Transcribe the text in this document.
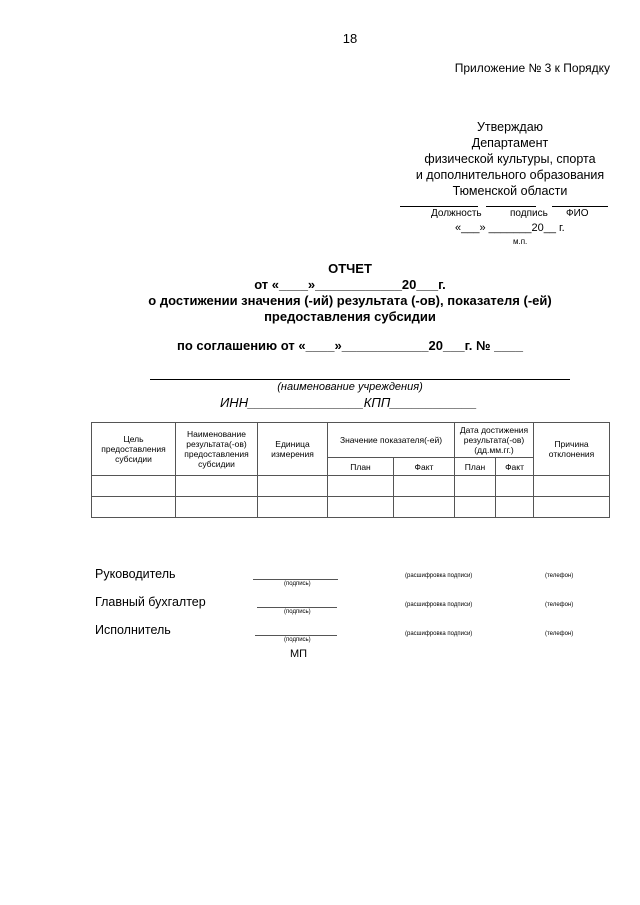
18
Приложение № 3 к Порядку
Утверждаю
Департамент
физической культуры, спорта
и дополнительного образования
Тюменской области
Должность	подпись ФИО
«___» _______20__ г.
м.п.
ОТЧЕТ
от «____»____________20___г.
о достижении значения (-ий) результата (-ов), показателя (-ей)
предоставления субсидии
по соглашению от «____»____________20___г. № ____
(наименование учреждения)
ИНН________________КПП____________
Цель предоставления субсидии	Наименование результата(-ов) предоставления субсидии	Единица измерения	Значение показателя(-ей)		Дата достижения результата(-ов) (дд.мм.гг.)		Причина отклонения
			План	Факт	План	Факт	

Руководитель
(подпись)
(расшифровка подписи)	(телефон)
Главный бухгалтер
(подпись)
(расшифровка подписи)	(телефон)
Исполнитель
(подпись)
(расшифровка подписи)	(телефон)
МП
